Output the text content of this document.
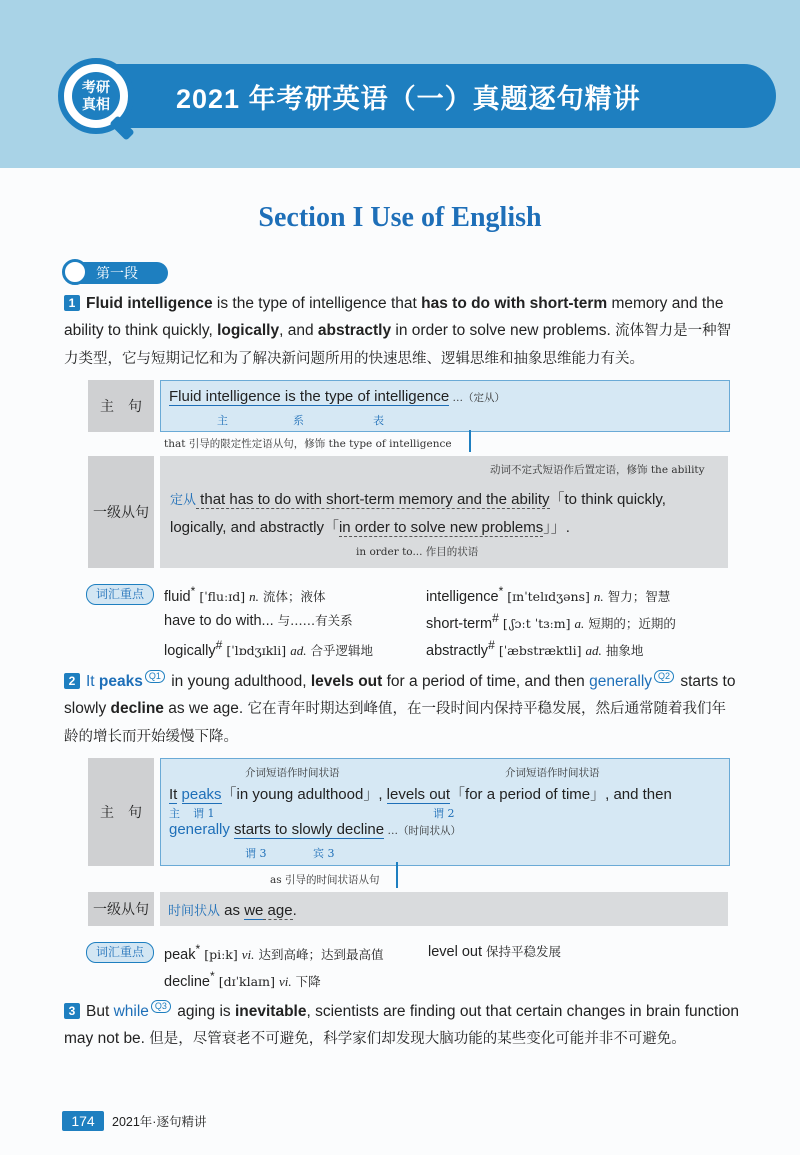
2021 年考研英语（一）真题逐句精讲
考研真相
Section I Use of English
第一段
1 Fluid intelligence is the type of intelligence that has to do with short-term memory and the ability to think quickly, logically, and abstractly in order to solve new problems. 流体智力是一种智力类型，它与短期记忆和为了解决新问题所用的快速思维、逻辑思维和抽象思维能力有关。
主　句
Fluid intelligence is the type of intelligence …（定从）
主	系	表
that 引导的限定性定语从句，修饰 the type of intelligence
一级从句
动词不定式短语作后置定语，修饰 the ability
定从 that has to do with short-term memory and the ability「to think quickly,
logically, and abstractly「in order to solve new problems」」.
in order to... 作目的状语
词汇重点	fluid* [ˈfluːɪd] n. 流体；液体	intelligence* [ɪnˈtelɪdʒəns] n. 智力；智慧
have to do with... 与……有关系	short-term# [ˌʃɔːt ˈtɜːm] a. 短期的；近期的
logically# [ˈlɒdʒɪkli] ad. 合乎逻辑地	abstractly# [ˈæbstræktli] ad. 抽象地
2 It peaks Q1 in young adulthood, levels out for a period of time, and then generally Q2 starts to slowly decline as we age. 它在青年时期达到峰值，在一段时间内保持平稳发展，然后通常随着我们年龄的增长而开始缓慢下降。
主　句
介词短语作时间状语	介词短语作时间状语
It peaks「in young adulthood」, levels out「for a period of time」, and then
主 谓 1	谓 2
generally starts to slowly decline …（时间状从）
谓 3	宾 3
as 引导的时间状语从句
一级从句	时间状从 as we age.
词汇重点	peak* [piːk] vi. 达到高峰；达到最高值	level out 保持平稳发展
decline* [dɪˈklaɪn] vi. 下降
3 But while Q3 aging is inevitable, scientists are finding out that certain changes in brain function may not be. 但是，尽管衰老不可避免，科学家们却发现大脑功能的某些变化可能并非不可避免。
174	2021年·逐句精讲
